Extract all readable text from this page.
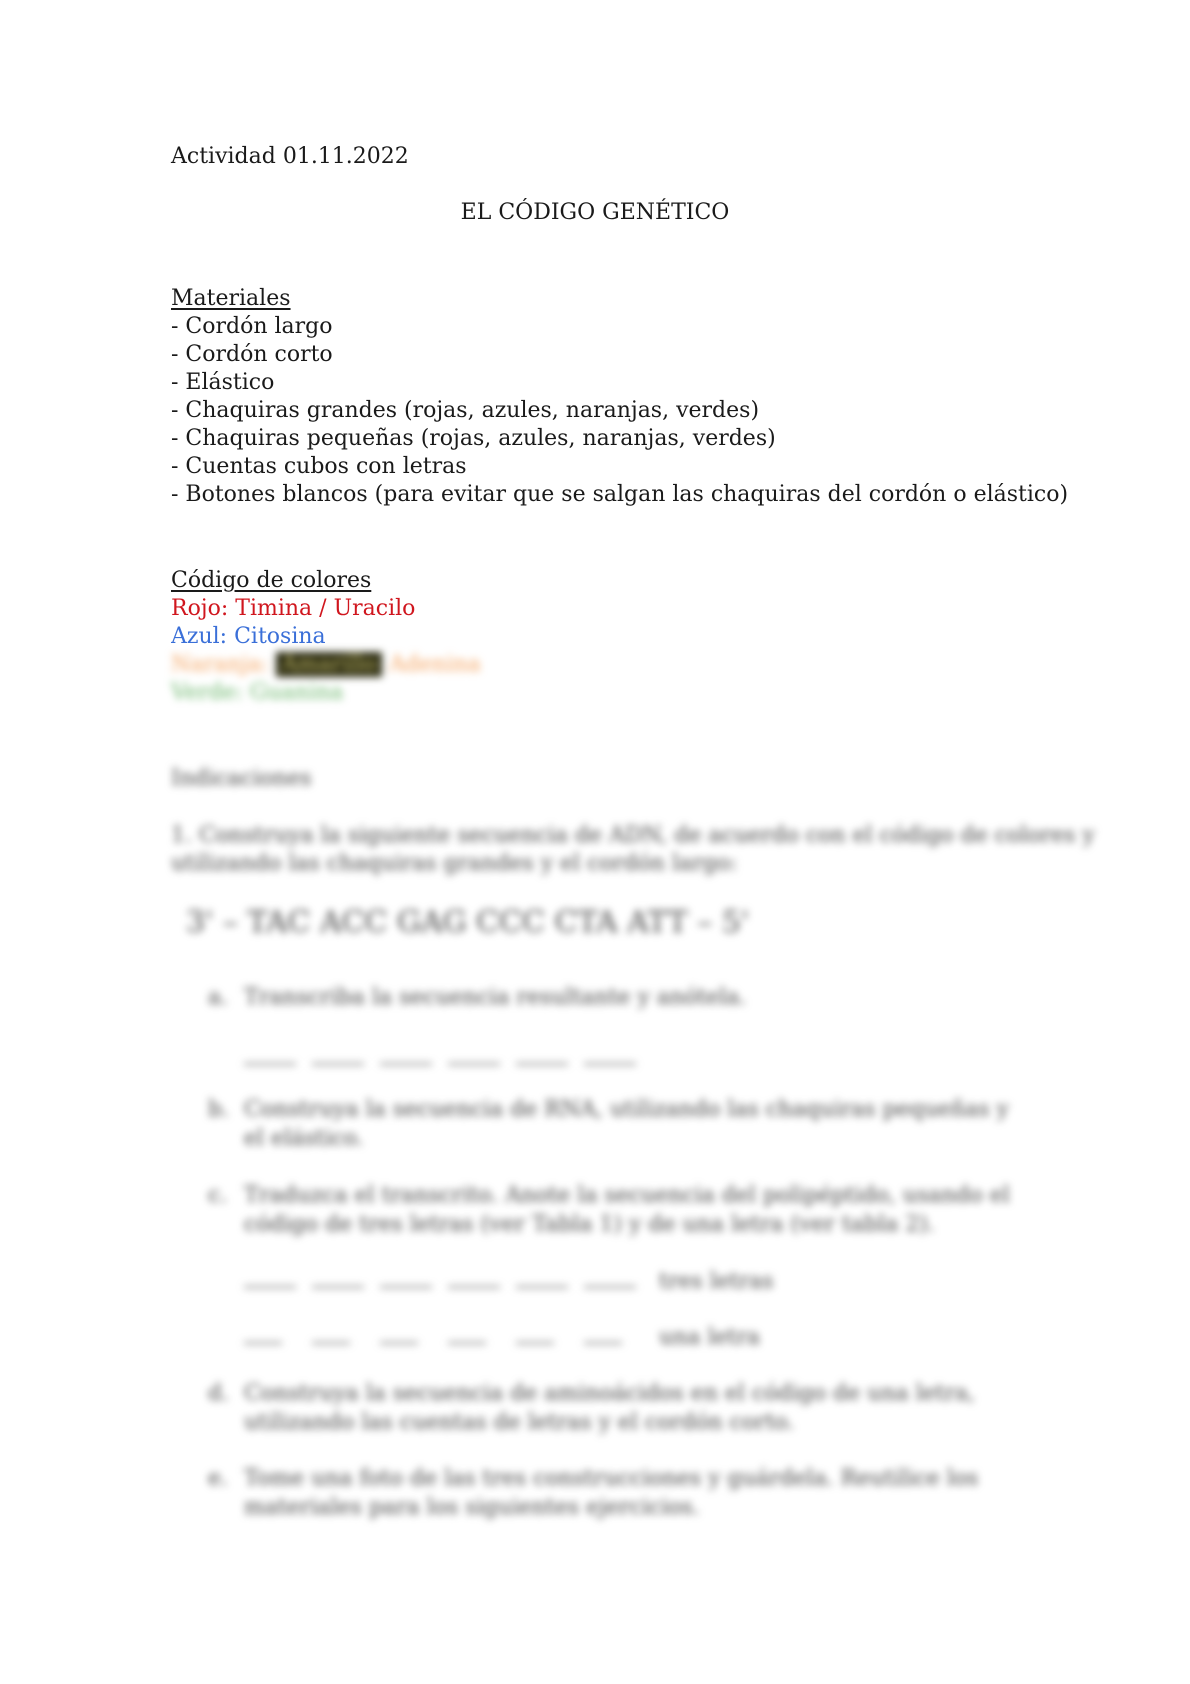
Actividad 01.11.2022
EL CÓDIGO GENÉTICO
Materiales
- Cordón largo
- Cordón corto
- Elástico
- Chaquiras grandes (rojas, azules, naranjas, verdes)
- Chaquiras pequeñas (rojas, azules, naranjas, verdes)
- Cuentas cubos con letras
- Botones blancos (para evitar que se salgan las chaquiras del cordón o elástico)
Código de colores
Rojo: Timina / Uracilo
Azul: Citosina
Naranja: Amarillo Adenina
Verde: Guanina
Indicaciones
1. Construya la siguiente secuencia de ADN, de acuerdo con el código de colores y
utilizando las chaquiras grandes y el cordón largo:
3' – TAC ACC GAG CCC CTA ATT – 5'
a. Transcriba la secuencia resultante y anótela.
b. Construya la secuencia de RNA, utilizando las chaquiras pequeñas y el elástico.
c. Traduzca el transcrito. Anote la secuencia del polipéptido, usando el código de tres letras (ver Tabla 1) y de una letra (ver tabla 2).
tres letras
una letra
d. Construya la secuencia de aminoácidos en el código de una letra, utilizando las cuentas de letras y el cordón corto.
e. Tome una foto de las tres construcciones y guárdela. Reutilice los materiales para los siguientes ejercicios.
